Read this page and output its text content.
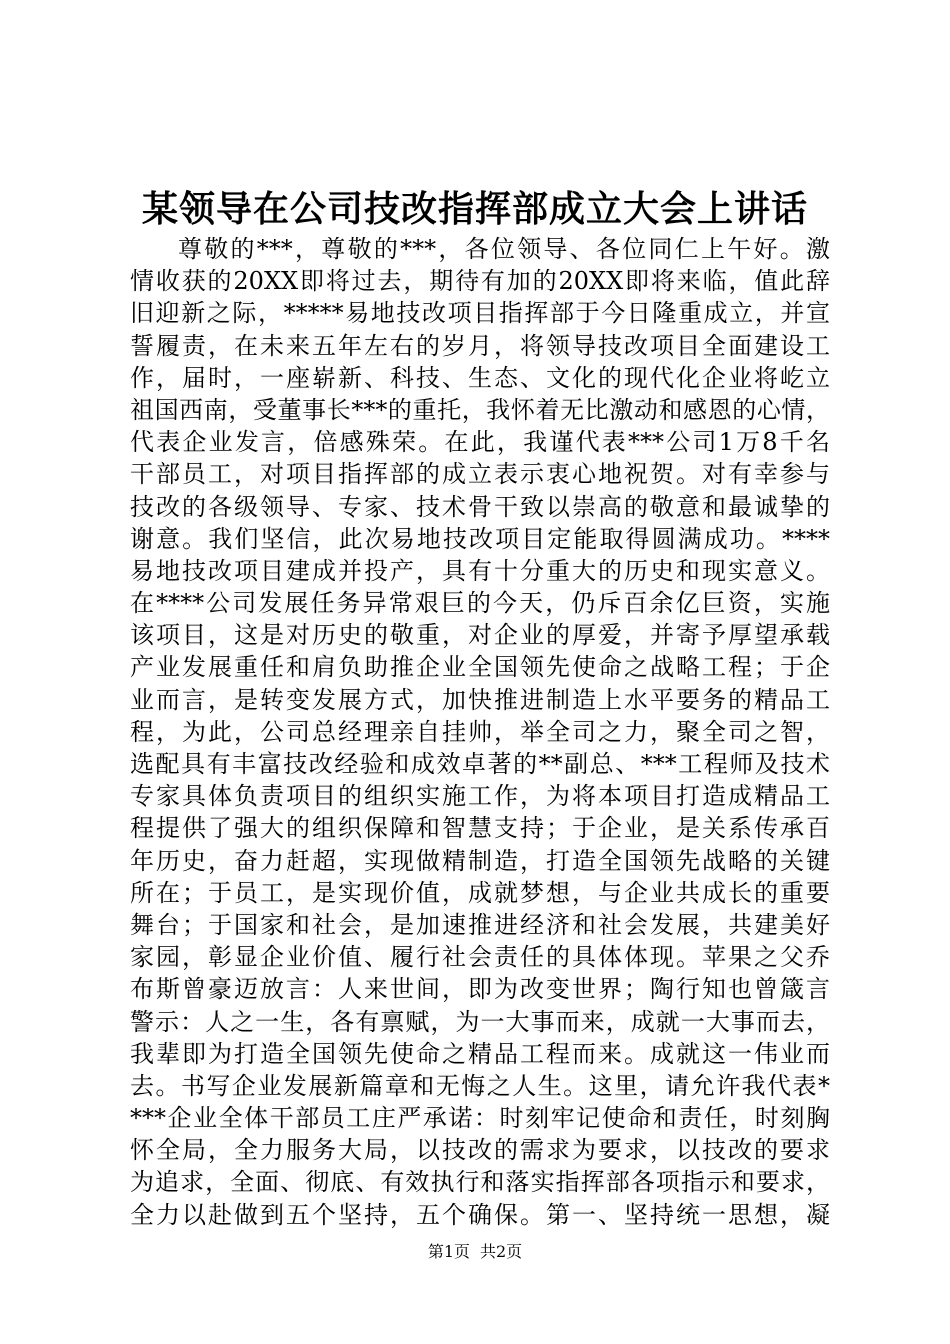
某领导在公司技改指挥部成立大会上讲话
尊敬的***，尊敬的***，各位领导、各位同仁上午好。激
情收获的20XX即将过去，期待有加的20XX即将来临，值此辞
旧迎新之际，*****易地技改项目指挥部于今日隆重成立，并宣
誓履责，在未来五年左右的岁月，将领导技改项目全面建设工
作，届时，一座崭新、科技、生态、文化的现代化企业将屹立
祖国西南，受董事长***的重托，我怀着无比激动和感恩的心情，
代表企业发言，倍感殊荣。在此，我谨代表***公司1万8千名
干部员工，对项目指挥部的成立表示衷心地祝贺。对有幸参与
技改的各级领导、专家、技术骨干致以崇高的敬意和最诚挚的
谢意。我们坚信，此次易地技改项目定能取得圆满成功。****
易地技改项目建成并投产，具有十分重大的历史和现实意义。
在****公司发展任务异常艰巨的今天，仍斥百余亿巨资，实施
该项目，这是对历史的敬重，对企业的厚爱，并寄予厚望承载
产业发展重任和肩负助推企业全国领先使命之战略工程；于企
业而言，是转变发展方式，加快推进制造上水平要务的精品工
程，为此，公司总经理亲自挂帅，举全司之力，聚全司之智，
选配具有丰富技改经验和成效卓著的**副总、***工程师及技术
专家具体负责项目的组织实施工作，为将本项目打造成精品工
程提供了强大的组织保障和智慧支持；于企业，是关系传承百
年历史，奋力赶超，实现做精制造，打造全国领先战略的关键
所在；于员工，是实现价值，成就梦想，与企业共成长的重要
舞台；于国家和社会，是加速推进经济和社会发展，共建美好
家园，彰显企业价值、履行社会责任的具体体现。苹果之父乔
布斯曾豪迈放言：人来世间，即为改变世界；陶行知也曾箴言
警示：人之一生，各有禀赋，为一大事而来，成就一大事而去，
我辈即为打造全国领先使命之精品工程而来。成就这一伟业而
去。书写企业发展新篇章和无悔之人生。这里，请允许我代表*
***企业全体干部员工庄严承诺：时刻牢记使命和责任，时刻胸
怀全局，全力服务大局，以技改的需求为要求，以技改的要求
为追求，全面、彻底、有效执行和落实指挥部各项指示和要求，
全力以赴做到五个坚持，五个确保。第一、坚持统一思想，凝
第1页 共2页
